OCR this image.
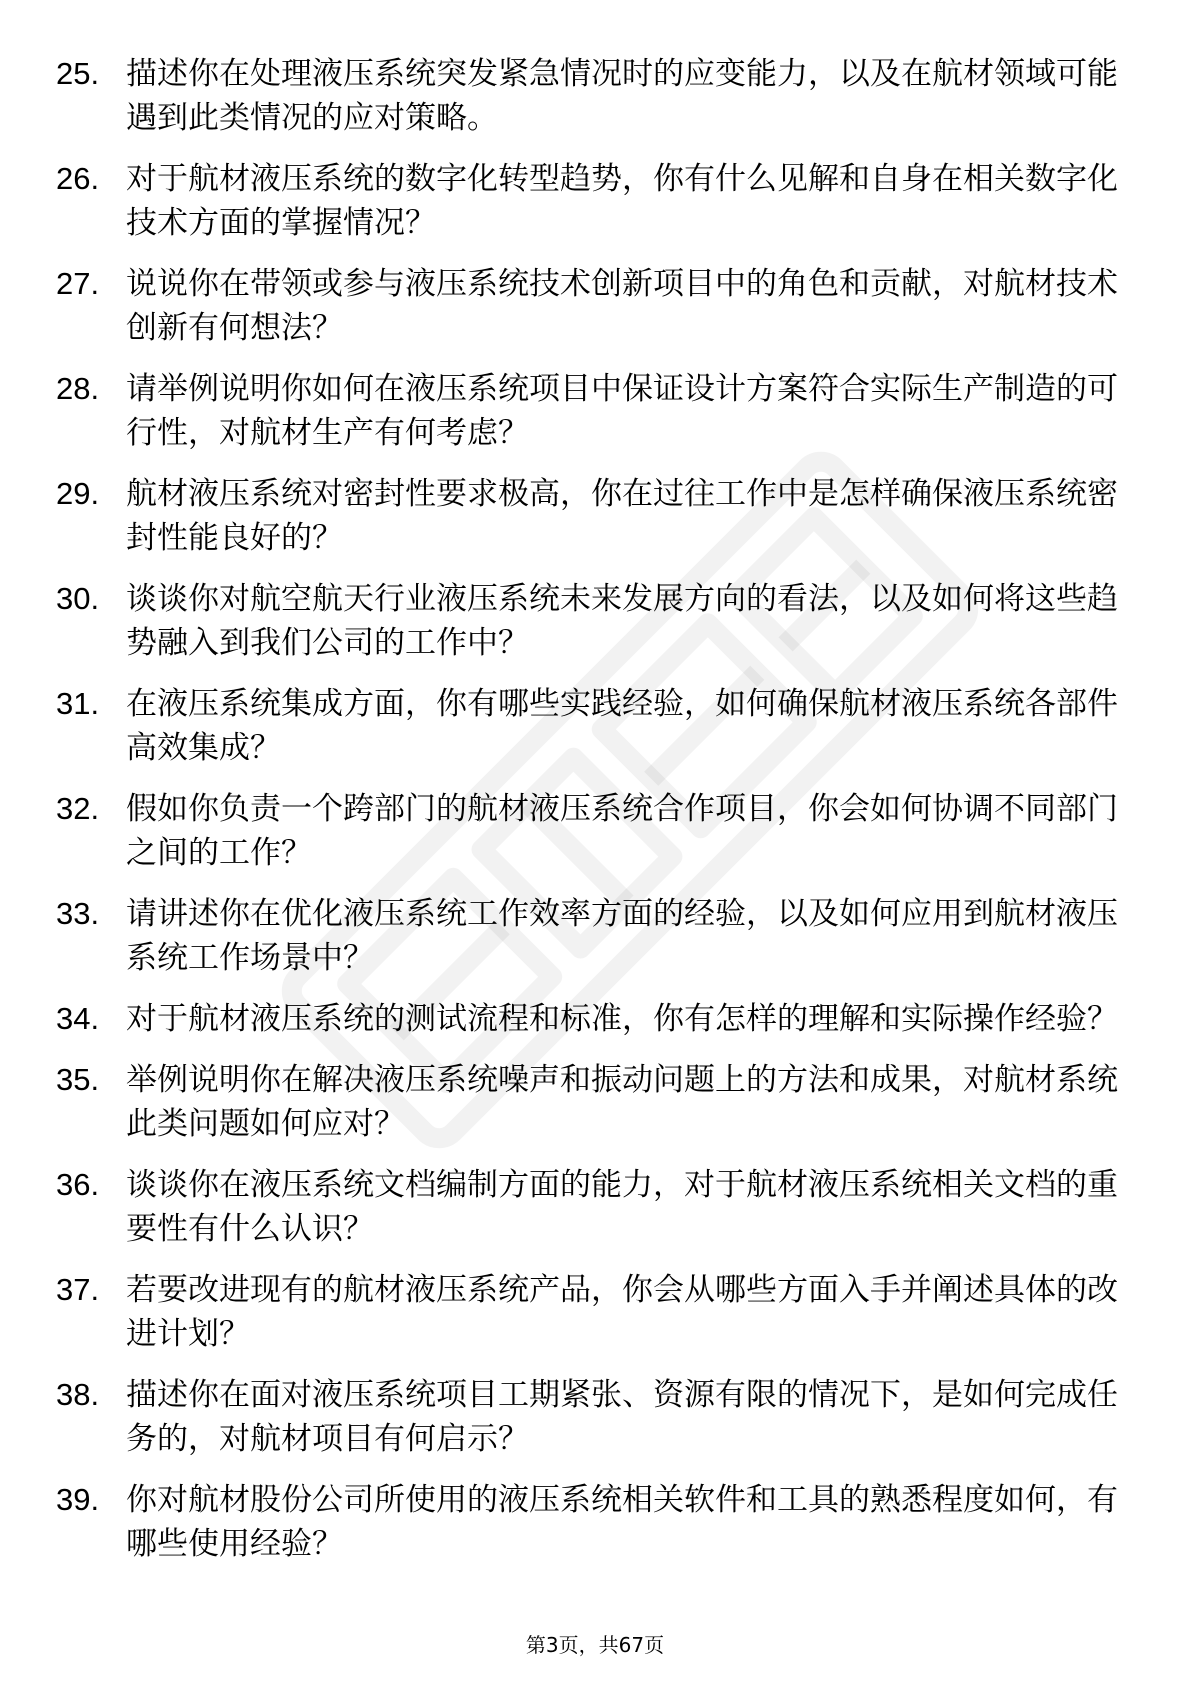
25. 描述你在处理液压系统突发紧急情况时的应变能力，以及在航材领域可能遇到此类情况的应对策略。
26. 对于航材液压系统的数字化转型趋势，你有什么见解和自身在相关数字化技术方面的掌握情况？
27. 说说你在带领或参与液压系统技术创新项目中的角色和贡献，对航材技术创新有何想法？
28. 请举例说明你如何在液压系统项目中保证设计方案符合实际生产制造的可行性，对航材生产有何考虑？
29. 航材液压系统对密封性要求极高，你在过往工作中是怎样确保液压系统密封性能良好的？
30. 谈谈你对航空航天行业液压系统未来发展方向的看法，以及如何将这些趋势融入到我们公司的工作中？
31. 在液压系统集成方面，你有哪些实践经验，如何确保航材液压系统各部件高效集成？
32. 假如你负责一个跨部门的航材液压系统合作项目，你会如何协调不同部门之间的工作？
33. 请讲述你在优化液压系统工作效率方面的经验，以及如何应用到航材液压系统工作场景中？
34. 对于航材液压系统的测试流程和标准，你有怎样的理解和实际操作经验？
35. 举例说明你在解决液压系统噪声和振动问题上的方法和成果，对航材系统此类问题如何应对？
36. 谈谈你在液压系统文档编制方面的能力，对于航材液压系统相关文档的重要性有什么认识？
37. 若要改进现有的航材液压系统产品，你会从哪些方面入手并阐述具体的改进计划？
38. 描述你在面对液压系统项目工期紧张、资源有限的情况下，是如何完成任务的，对航材项目有何启示？
39. 你对航材股份公司所使用的液压系统相关软件和工具的熟悉程度如何，有哪些使用经验？
第3页，共67页
